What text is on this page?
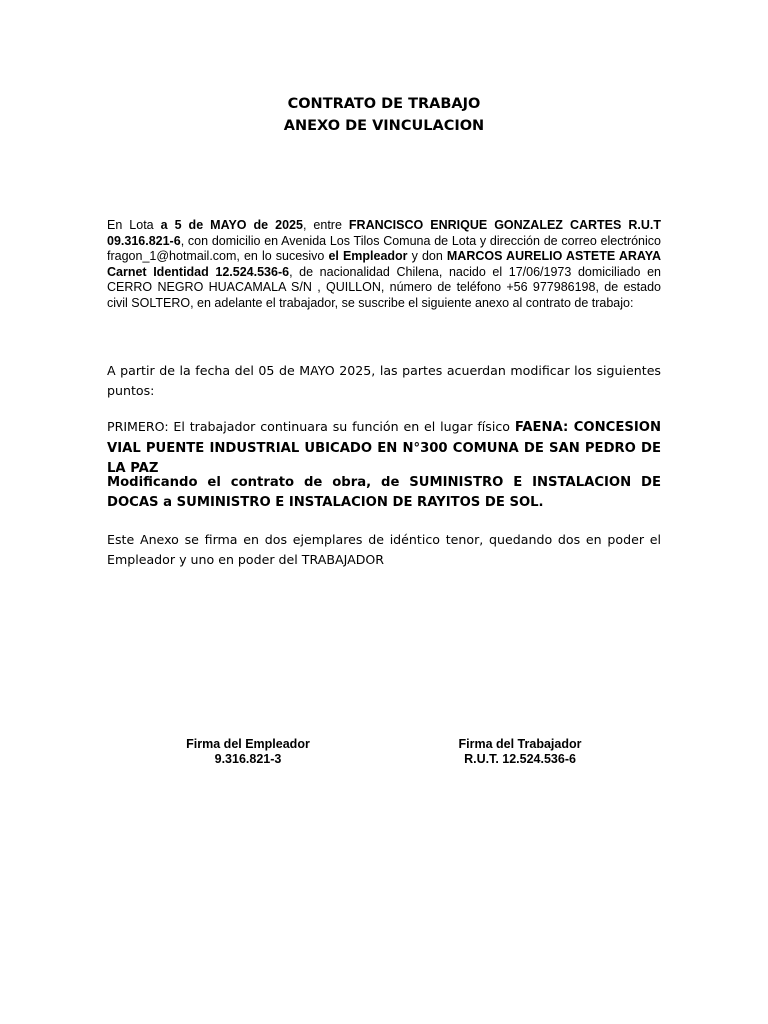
CONTRATO DE TRABAJO
ANEXO DE VINCULACION

En Lota a 5 de MAYO de 2025, entre FRANCISCO ENRIQUE GONZALEZ CARTES R.U.T 09.316.821-6, con domicilio en Avenida Los Tilos Comuna de Lota y dirección de correo electrónico fragon_1@hotmail.com, en lo sucesivo el Empleador y don MARCOS AURELIO ASTETE ARAYA Carnet Identidad 12.524.536-6, de nacionalidad Chilena, nacido el 17/06/1973 domiciliado en CERRO NEGRO HUACAMALA S/N , QUILLON, número de teléfono +56 977986198, de estado civil SOLTERO, en adelante el trabajador, se suscribe el siguiente anexo al contrato de trabajo:

A partir de la fecha del 05 de MAYO 2025, las partes acuerdan modificar los siguientes puntos:

PRIMERO: El trabajador continuara su función en el lugar físico FAENA: CONCESION VIAL PUENTE INDUSTRIAL UBICADO EN N°300 COMUNA DE SAN PEDRO DE LA PAZ

Modificando el contrato de obra, de SUMINISTRO E INSTALACION DE DOCAS a SUMINISTRO E INSTALACION DE RAYITOS DE SOL.

Este Anexo se firma en dos ejemplares de idéntico tenor, quedando dos en poder el Empleador y uno en poder del TRABAJADOR

Firma del Empleador
9.316.821-3
Firma del Trabajador
R.U.T. 12.524.536-6
